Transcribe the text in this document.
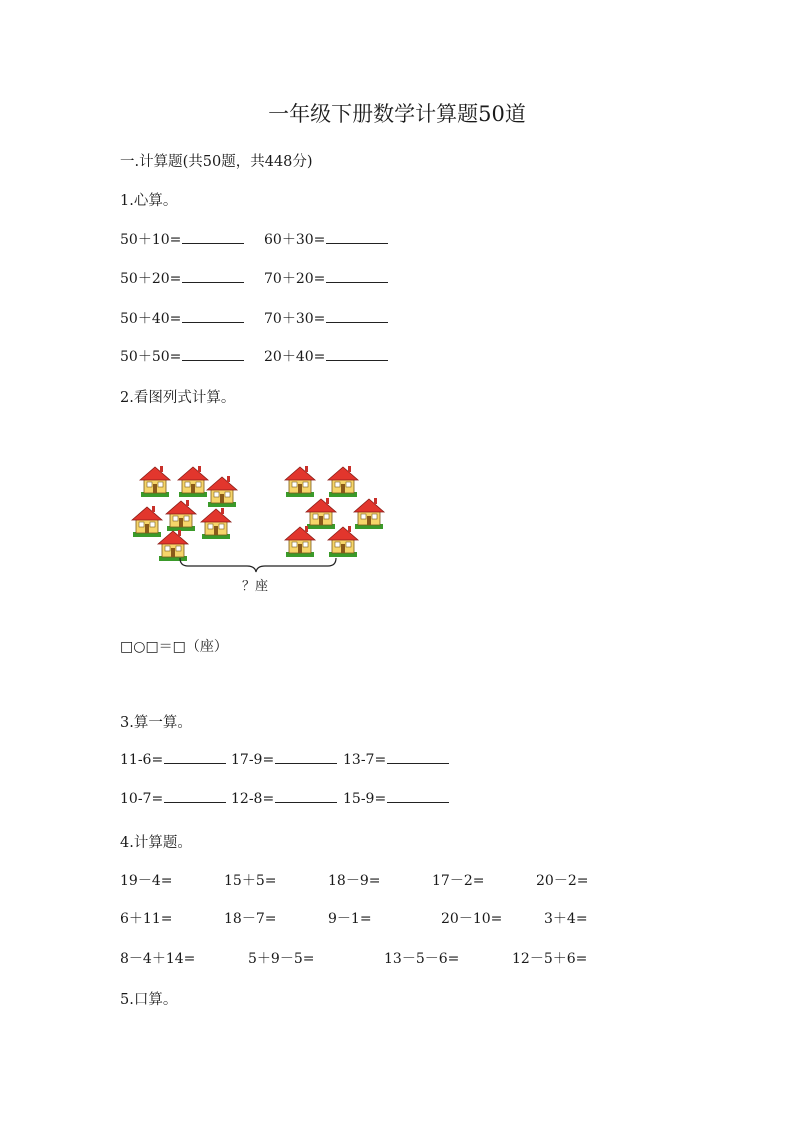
一年级下册数学计算题50道
一.计算题(共50题，共448分)
1.心算。
50＋10=	60＋30=
50＋20=	70＋20=
50＋40=	70＋30=
50＋50=	20＋40=
2.看图列式计算。
？座
□○□＝□（座）
3.算一算。
11-6=	17-9=	13-7=
10-7=	12-8=	15-9=
4.计算题。
19－4=	15＋5=	18－9=	17－2=	20－2=
6＋11=	18－7=	9－1=	20－10=	3＋4=
8－4＋14=	5＋9－5=	13－5－6=	12－5＋6=
5.口算。
